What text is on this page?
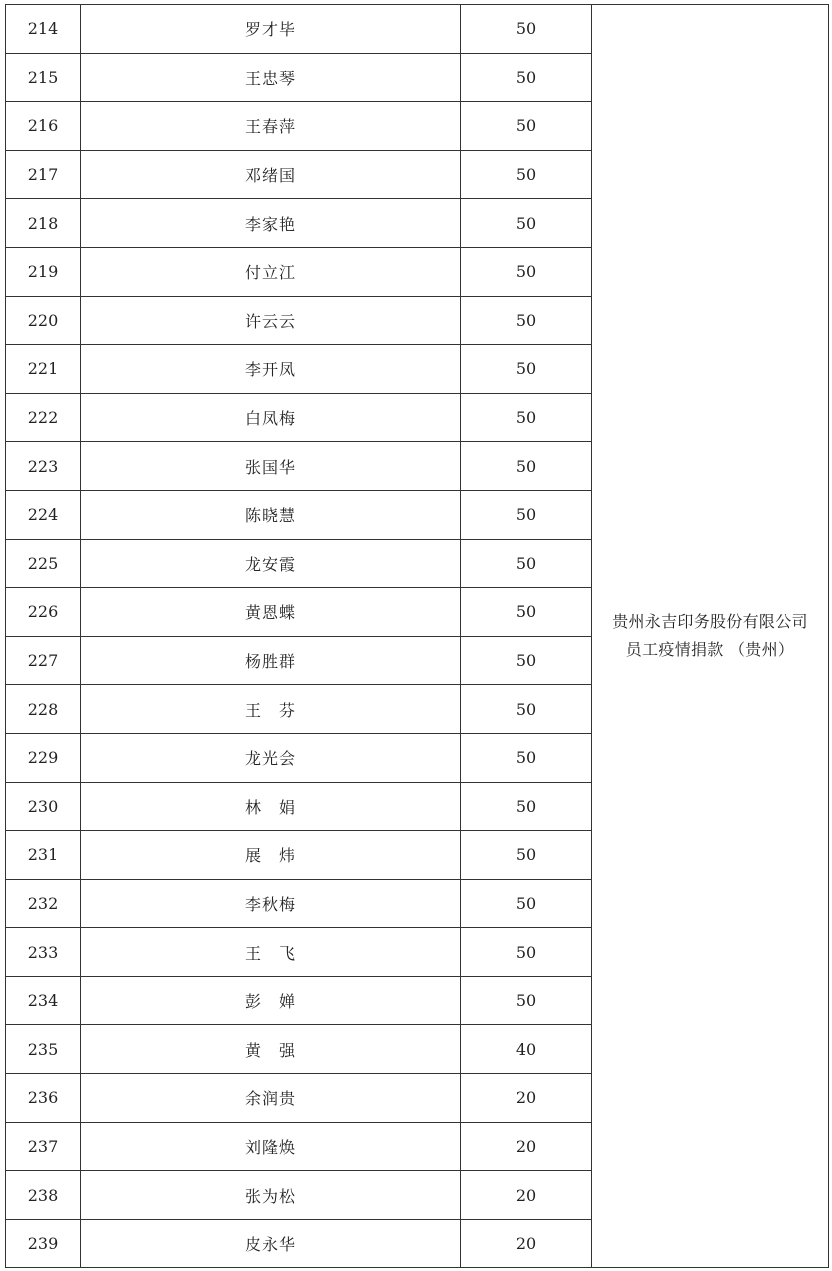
214	罗才毕	50	贵州永吉印务股份有限公司
员工疫情捐款 （贵州）

215	王忠琴	50	
216	王春萍	50	
217	邓绪国	50	
218	李家艳	50	
219	付立江	50	
220	许云云	50	
221	李开凤	50	
222	白凤梅	50	
223	张国华	50	
224	陈晓慧	50	
225	龙安霞	50	
226	黄恩蝶	50	
227	杨胜群	50	
228	王　芬	50	
229	龙光会	50	
230	林　娟	50	
231	展　炜	50	
232	李秋梅	50	
233	王　飞	50	
234	彭　婵	50	
235	黄　强	40	
236	余润贵	20	
237	刘隆焕	20	
238	张为松	20	
239	皮永华	20	
